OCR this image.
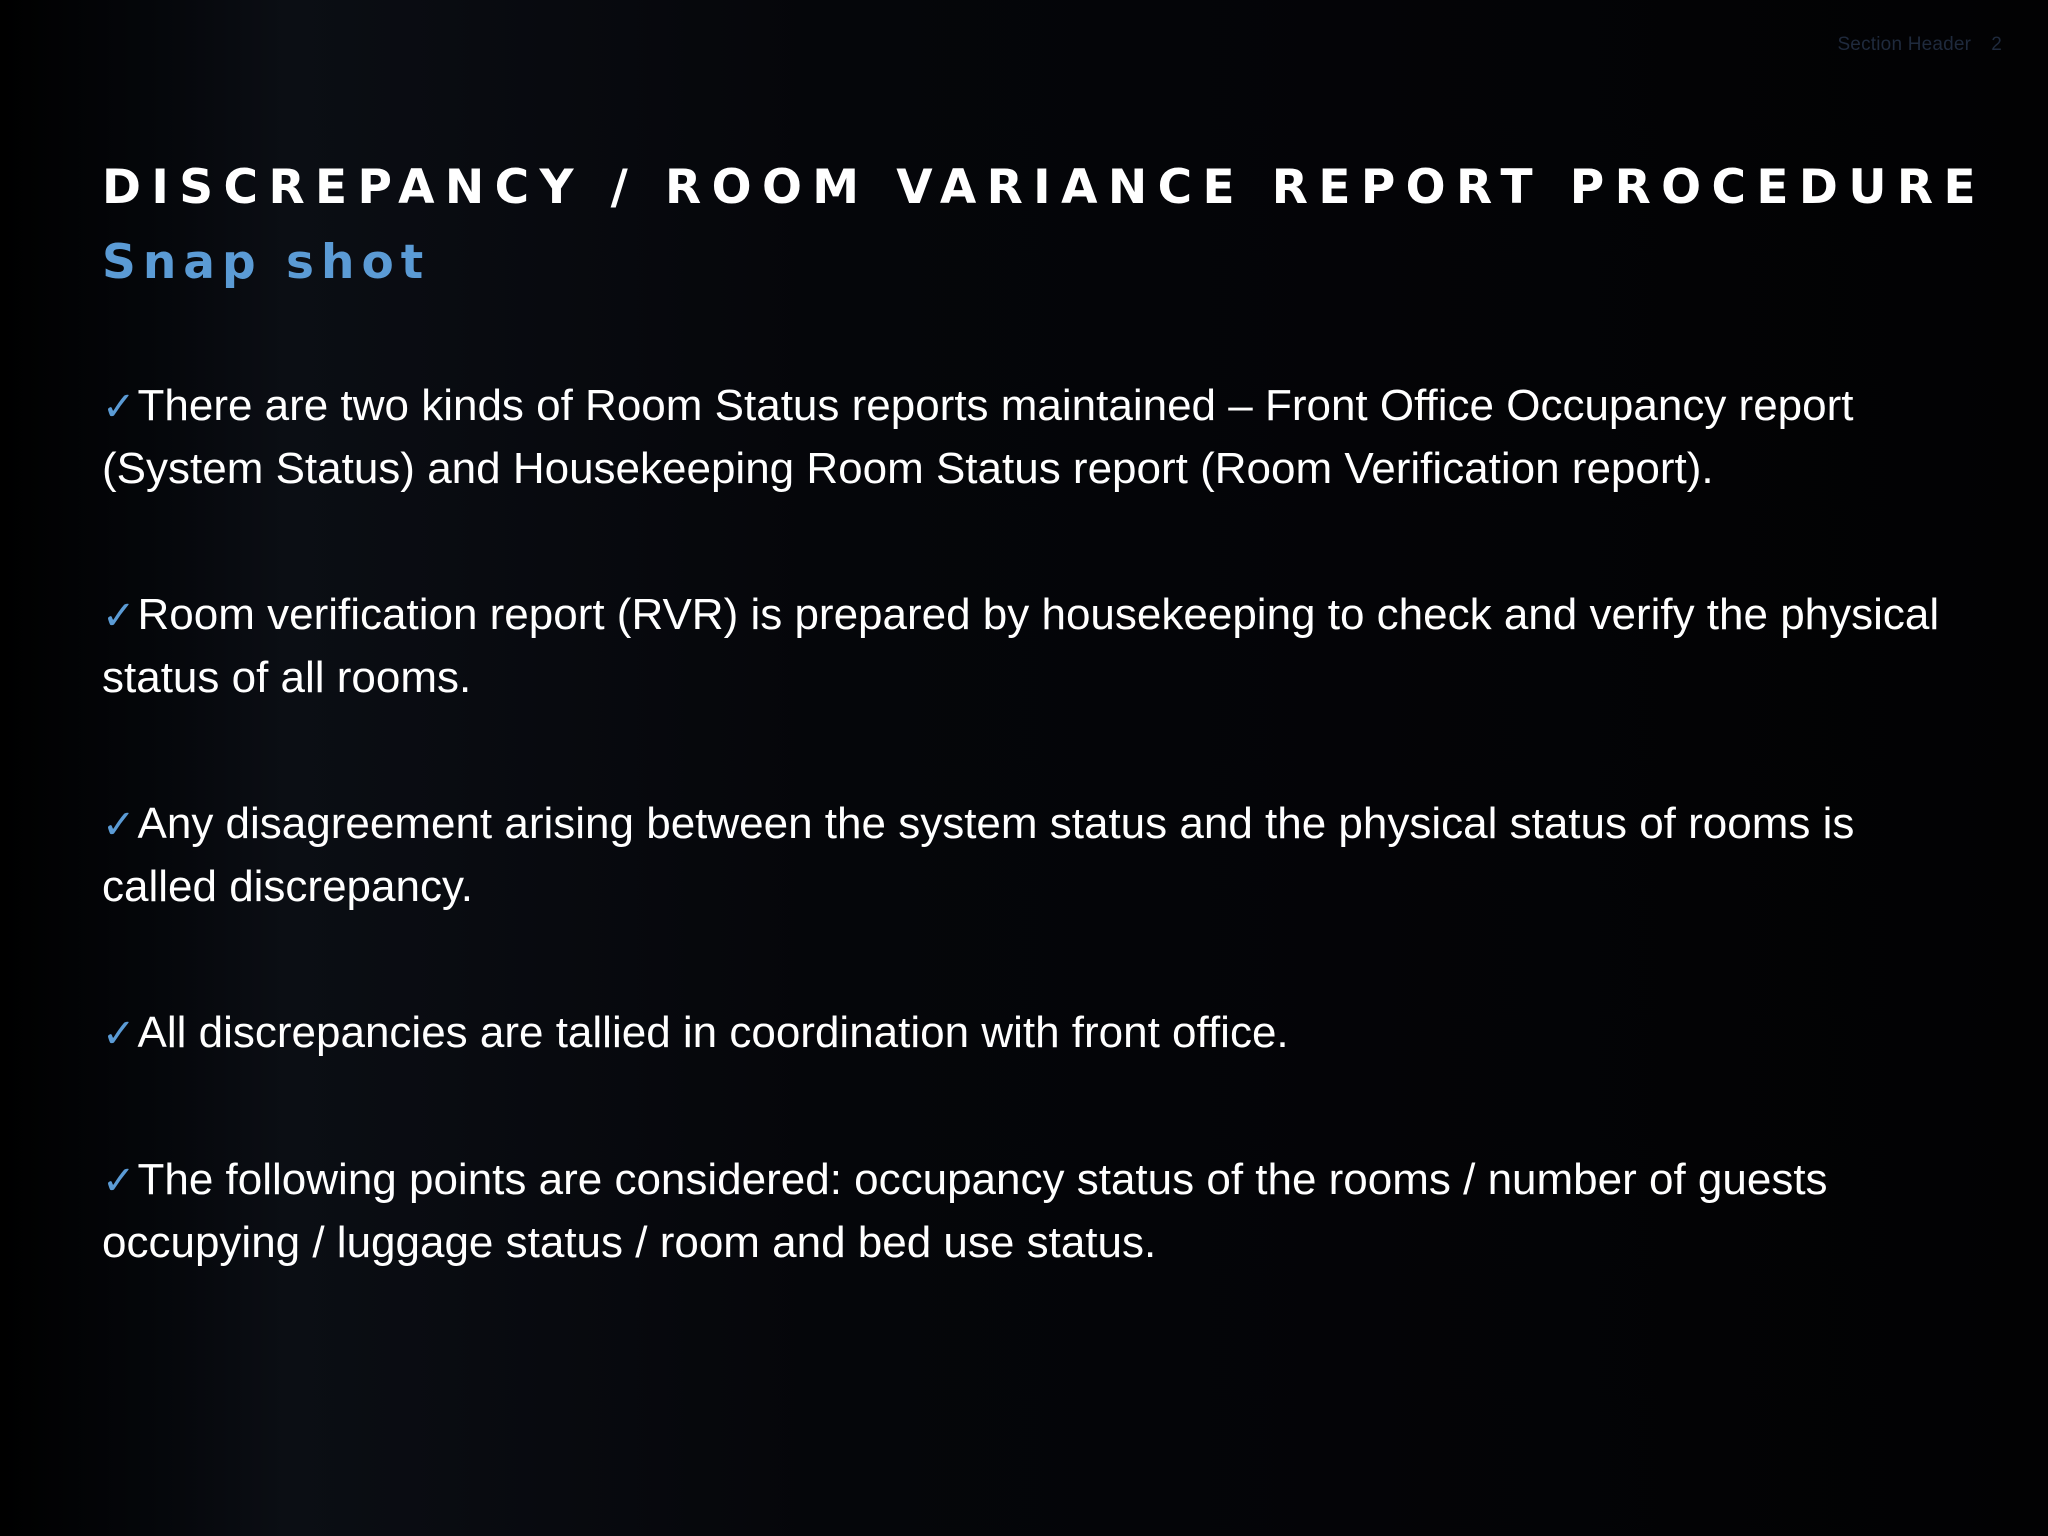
Section Header 2
DISCREPANCY / ROOM VARIANCE REPORT PROCEDURE
Snap shot
✓There are two kinds of Room Status reports maintained – Front Office Occupancy report (System Status) and Housekeeping Room Status report (Room Verification report).
✓Room verification report (RVR) is prepared by housekeeping to check and verify the physical status of all rooms.
✓Any disagreement arising between the system status and the physical status of rooms is called discrepancy.
✓All discrepancies are tallied in coordination with front office.
✓The following points are considered: occupancy status of the rooms / number of guests occupying / luggage status / room and bed use status.
